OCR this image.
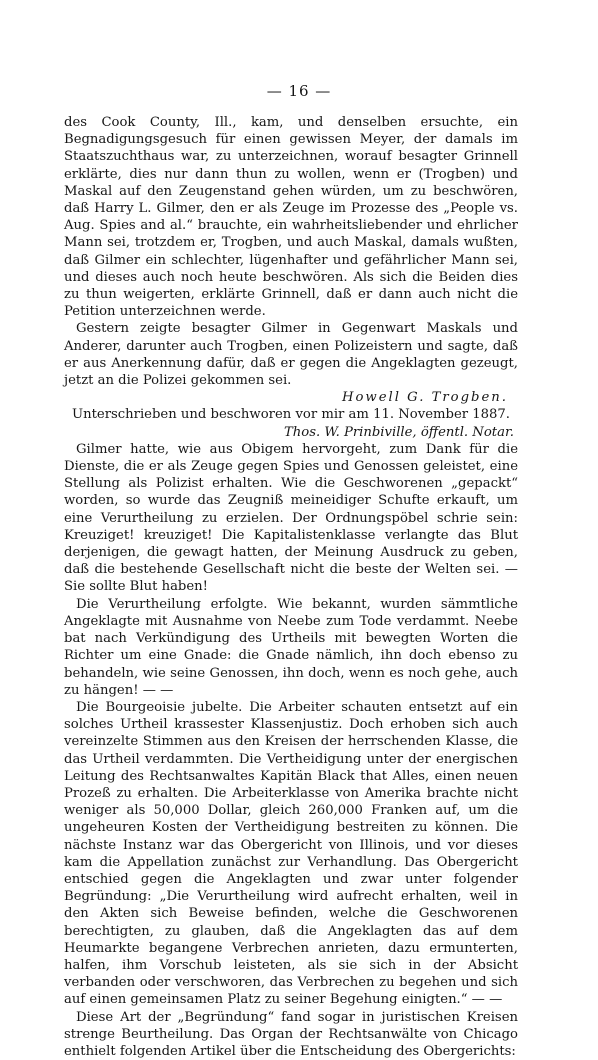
— 16 —

des Cook County, Ill., kam, und denselben ersuchte, ein Begnadigungsgesuch für einen gewissen Meyer, der damals im Staatszuchthaus war, zu unterzeichnen, worauf besagter Grinnell erklärte, dies nur dann thun zu wollen, wenn er (Trogben) und Maskal auf den Zeugenstand gehen würden, um zu beschwören, daß Harry L. Gilmer, den er als Zeuge im Prozesse des „People vs. Aug. Spies and al.“ brauchte, ein wahrheitsliebender und ehrlicher Mann sei, trotzdem er, Trogben, und auch Maskal, damals wußten, daß Gilmer ein schlechter, lügenhafter und gefährlicher Mann sei, und dieses auch noch heute beschwören. Als sich die Beiden dies zu thun weigerten, erklärte Grinnell, daß er dann auch nicht die Petition unterzeichnen werde.

Gestern zeigte besagter Gilmer in Gegenwart Maskals und Anderer, darunter auch Trogben, einen Polizeistern und sagte, daß er aus Anerkennung dafür, daß er gegen die Angeklagten gezeugt, jetzt an die Polizei gekommen sei.

Howell G. Trogben.

Unterschrieben und beschworen vor mir am 11. November 1887.

Thos. W. Prinbiville, öffentl. Notar.

Gilmer hatte, wie aus Obigem hervorgeht, zum Dank für die Dienste, die er als Zeuge gegen Spies und Genossen geleistet, eine Stellung als Polizist erhalten. Wie die Geschworenen „gepackt“ worden, so wurde das Zeugniß meineidiger Schufte erkauft, um eine Verurtheilung zu erzielen. Der Ordnungspöbel schrie sein: Kreuziget! kreuziget! Die Kapitalistenklasse verlangte das Blut derjenigen, die gewagt hatten, der Meinung Ausdruck zu geben, daß die bestehende Gesellschaft nicht die beste der Welten sei. — Sie sollte Blut haben!

Die Verurtheilung erfolgte. Wie bekannt, wurden sämmtliche Angeklagte mit Ausnahme von Neebe zum Tode verdammt. Neebe bat nach Verkündigung des Urtheils mit bewegten Worten die Richter um eine Gnade: die Gnade nämlich, ihn doch ebenso zu behandeln, wie seine Genossen, ihn doch, wenn es noch gehe, auch zu hängen! — —

Die Bourgeoisie jubelte. Die Arbeiter schauten entsetzt auf ein solches Urtheil krassester Klassenjustiz. Doch erhoben sich auch vereinzelte Stimmen aus den Kreisen der herrschenden Klasse, die das Urtheil verdammten. Die Vertheidigung unter der energischen Leitung des Rechtsanwaltes Kapitän Black that Alles, einen neuen Prozeß zu erhalten. Die Arbeiterklasse von Amerika brachte nicht weniger als 50,000 Dollar, gleich 260,000 Franken auf, um die ungeheuren Kosten der Vertheidigung bestreiten zu können. Die nächste Instanz war das Obergericht von Illinois, und vor dieses kam die Appellation zunächst zur Verhandlung. Das Obergericht entschied gegen die Angeklagten und zwar unter folgender Begründung: „Die Verurtheilung wird aufrecht erhalten, weil in den Akten sich Beweise befinden, welche die Geschworenen berechtigten, zu glauben, daß die Angeklagten das auf dem Heumarkte begangene Verbrechen anrieten, dazu ermunterten, halfen, ihm Vorschub leisteten, als sie sich in der Absicht verbanden oder verschworen, das Verbrechen zu begehen und sich auf einen gemeinsamen Platz zu seiner Begehung einigten.“ — —

Diese Art der „Begründung“ fand sogar in juristischen Kreisen strenge Beurtheilung. Das Organ der Rechtsanwälte von Chicago enthielt folgenden Artikel über die Entscheidung des Obergerichts:
